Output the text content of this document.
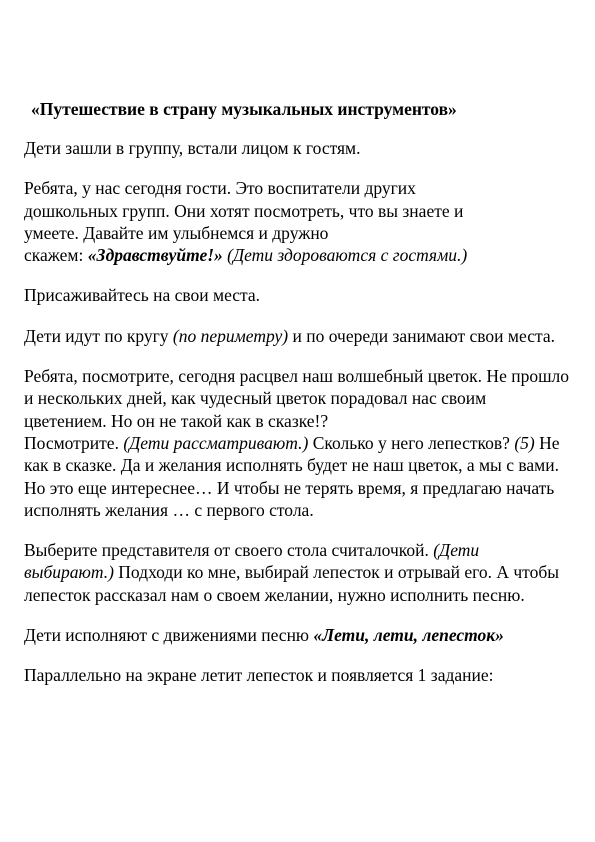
«Путешествие в страну музыкальных инструментов»

Дети зашли в группу, встали лицом к гостям.

Ребята, у нас сегодня гости. Это воспитатели других
дошкольных групп. Они хотят посмотреть, что вы знаете и
умеете. Давайте им улыбнемся и дружно
скажем: «Здравствуйте!» (Дети здороваются с гостями.)

Присаживайтесь на свои места.

Дети идут по кругу (по периметру) и по очереди занимают свои места.

Ребята, посмотрите, сегодня расцвел наш волшебный цветок. Не прошло и нескольких дней, как чудесный цветок порадовал нас своим цветением. Но он не такой как в сказке!?
Посмотрите. (Дети рассматривают.) Сколько у него лепестков? (5) Не как в сказке. Да и желания исполнять будет не наш цветок, а мы с вами. Но это еще интереснее… И чтобы не терять время, я предлагаю начать исполнять желания … с первого стола.

Выберите представителя от своего стола считалочкой. (Дети выбирают.) Подходи ко мне, выбирай лепесток и отрывай его. А чтобы лепесток рассказал нам о своем желании, нужно исполнить песню.

Дети исполняют с движениями песню «Лети, лети, лепесток»

Параллельно на экране летит лепесток и появляется 1 задание:
